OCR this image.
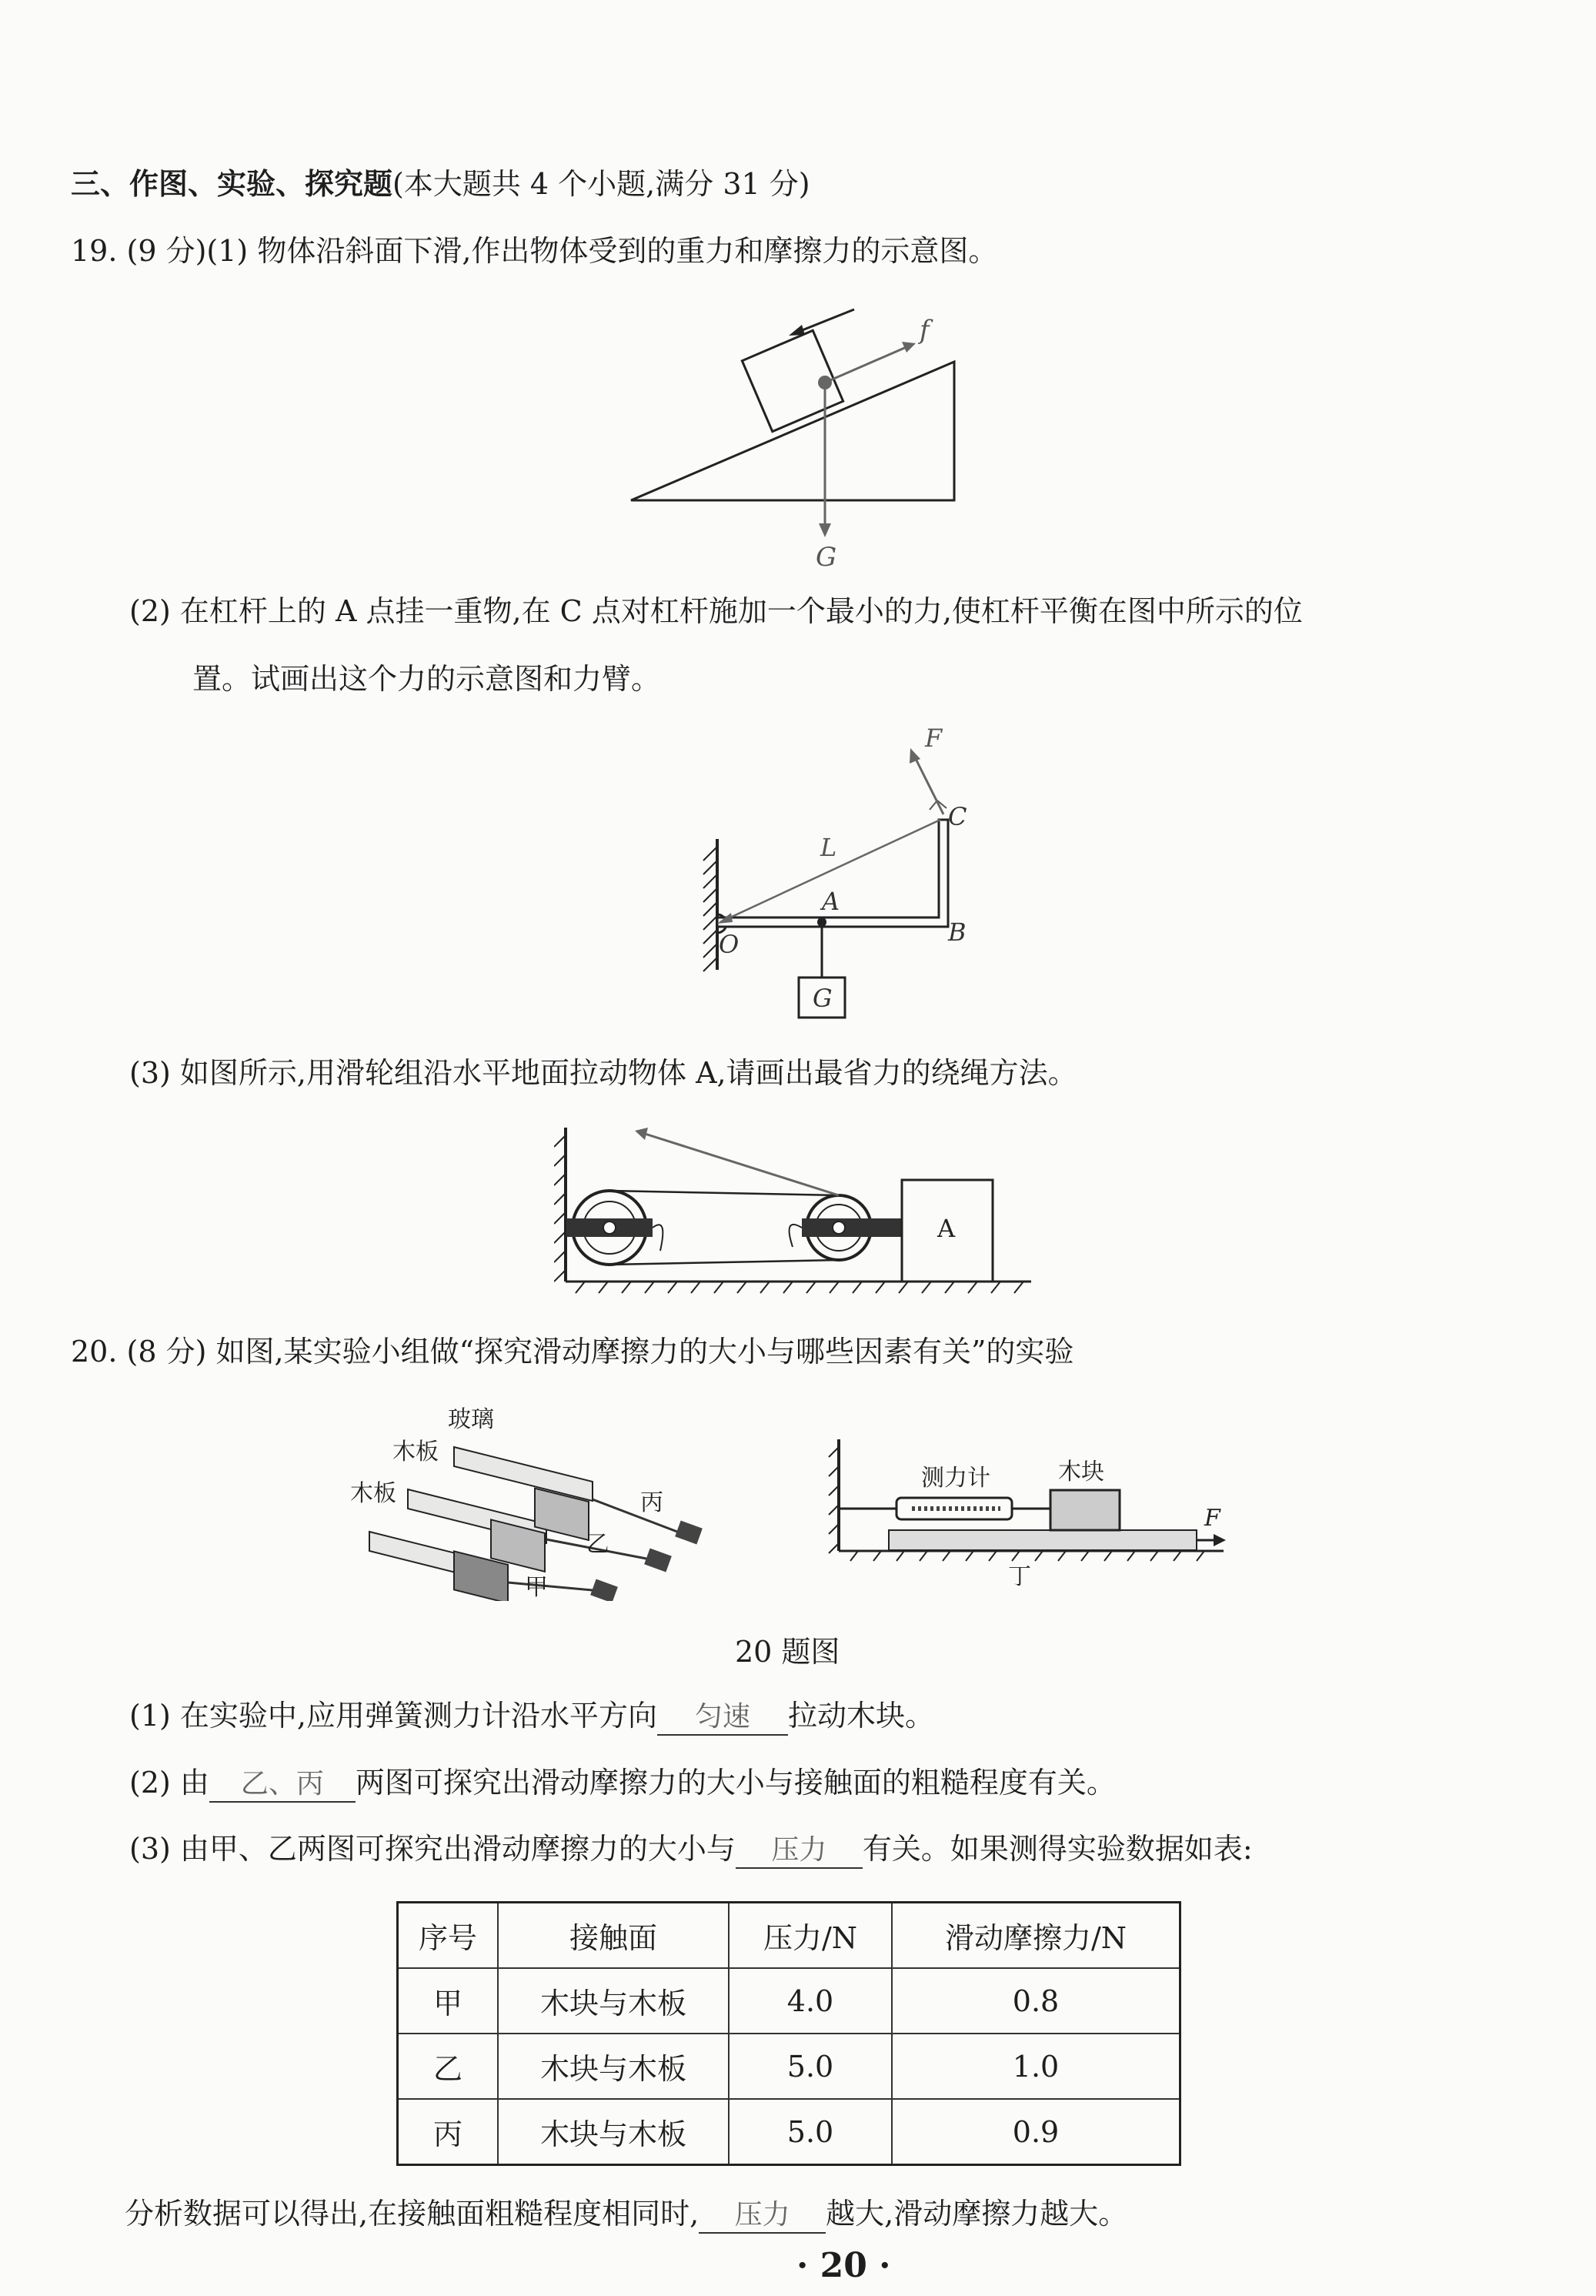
三、作图、实验、探究题(本大题共 4 个小题,满分 31 分)
19. (9 分)(1) 物体沿斜面下滑,作出物体受到的重力和摩擦力的示意图。
f
G
(2) 在杠杆上的 A 点挂一重物,在 C 点对杠杆施加一个最小的力,使杠杆平衡在图中所示的位
置。试画出这个力的示意图和力臂。
F
C
L
A
O	B
G
(3) 如图所示,用滑轮组沿水平地面拉动物体 A,请画出最省力的绕绳方法。
A
20. (8 分) 如图,某实验小组做“探究滑动摩擦力的大小与哪些因素有关”的实验
玻璃
木板
木板	丙
乙
甲
测力计	木块
F
丁
20 题图
(1) 在实验中,应用弹簧测力计沿水平方向 匀速 拉动木块。
(2) 由 乙、丙 两图可探究出滑动摩擦力的大小与接触面的粗糙程度有关。
(3) 由甲、乙两图可探究出滑动摩擦力的大小与 压力 有关。如果测得实验数据如表:
序号	接触面	压力/N	滑动摩擦力/N
甲	木块与木板	4.0	0.8
乙	木块与木板	5.0	1.0
丙	木块与木板	5.0	0.9
分析数据可以得出,在接触面粗糙程度相同时, 压力 越大,滑动摩擦力越大。
· 20 ·
